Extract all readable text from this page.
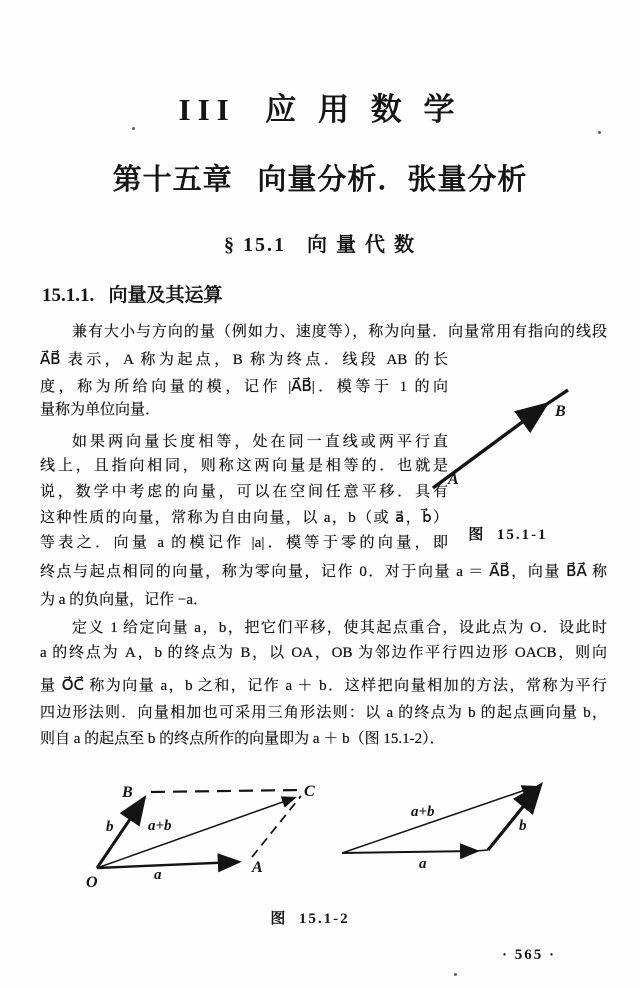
III  应 用 数 学
第十五章   向量分析．张量分析
§ 15.1   向 量 代 数
15.1.1.   向量及其运算
兼有大小与方向的量（例如力、速度等），称为向量．向量常用有指向的线段
A⃗B⃗ 表示，A 称为起点，B 称为终点．线段 AB 的长
度，称为所给向量的模，记作 |A⃗B⃗|．模等于 1 的向
量称为单位向量．
如果两向量长度相等，处在同一直线或两平行直
线上，且指向相同，则称这两向量是相等的．也就是
说，数学中考虑的向量，可以在空间任意平移．具有
这种性质的向量，常称为自由向量，以 a，b（或 a⃗，b⃗）
等表之．向量 a 的模记作 |a|．模等于零的向量，即
终点与起点相同的向量，称为零向量，记作 0．对于向量 a ＝ A⃗B⃗，向量 B⃗A⃗ 称
为 a 的负向量，记作 −a．
定义 1 给定向量 a，b，把它们平移，使其起点重合，设此点为 O．设此时
a 的终点为 A，b 的终点为 B，以 OA，OB 为邻边作平行四边形 OACB，则向
量 O⃗C⃗ 称为向量 a，b 之和，记作 a ＋ b．这样把向量相加的方法，常称为平行
四边形法则．向量相加也可采用三角形法则：以 a 的终点为 b 的起点画向量 b，
则自 a 的起点至 b 的终点所作的向量即为 a ＋ b（图 15.1-2）．
A
B
图  15.1-1
O
B	C
A
a
b a+b
a
b
a+b
图  15.1-2
· 565 ·
